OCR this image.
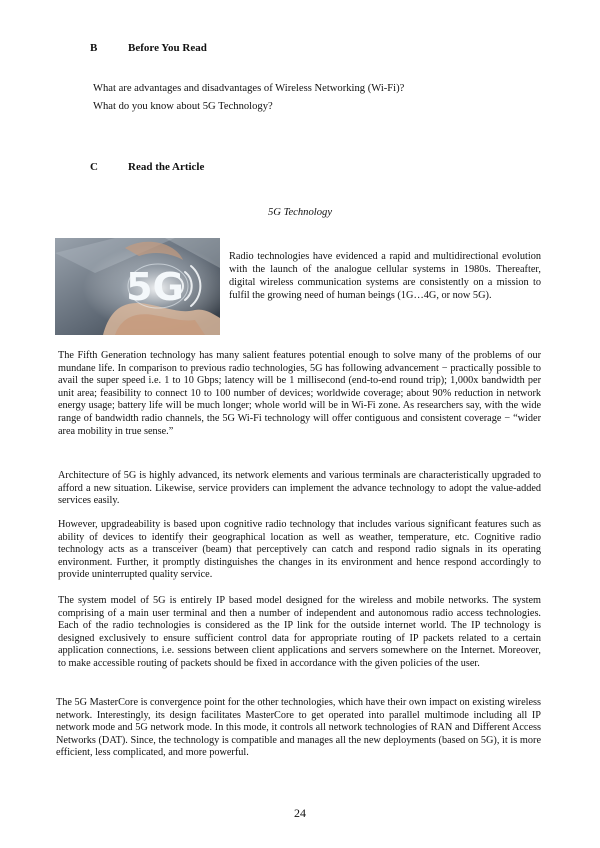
B	Before You Read
What are advantages and disadvantages of Wireless Networking (Wi-Fi)?
What do you know about 5G Technology?
C	Read the Article
5G Technology
5G

Radio technologies have evidenced a rapid and multidirectional evolution with the launch of the analogue cellular systems in 1980s. Thereafter, digital wireless communication systems are consistently on a mission to fulfil the growing need of human beings (1G…4G, or now 5G).

The Fifth Generation technology has many salient features potential enough to solve many of the problems of our mundane life. In comparison to previous radio technologies, 5G has following advancement − practically possible to avail the super speed i.e. 1 to 10 Gbps; latency will be 1 millisecond (end-to-end round trip); 1,000x bandwidth per unit area; feasibility to connect 10 to 100 number of devices; worldwide coverage; about 90% reduction in network energy usage; battery life will be much longer; whole world will be in Wi-Fi zone. As researchers say, with the wide range of bandwidth radio channels, the 5G Wi-Fi technology will offer contiguous and consistent coverage − “wider area mobility in true sense.”

Architecture of 5G is highly advanced, its network elements and various terminals are characteristically upgraded to afford a new situation. Likewise, service providers can implement the advance technology to adopt the value-added services easily.

However, upgradeability is based upon cognitive radio technology that includes various significant features such as ability of devices to identify their geographical location as well as weather, temperature, etc. Cognitive radio technology acts as a transceiver (beam) that perceptively can catch and respond radio signals in its operating environment. Further, it promptly distinguishes the changes in its environment and hence respond accordingly to provide uninterrupted quality service.

The system model of 5G is entirely IP based model designed for the wireless and mobile networks. The system comprising of a main user terminal and then a number of independent and autonomous radio access technologies. Each of the radio technologies is considered as the IP link for the outside internet world. The IP technology is designed exclusively to ensure sufficient control data for appropriate routing of IP packets related to a certain application connections, i.e. sessions between client applications and servers somewhere on the Internet. Moreover, to make accessible routing of packets should be fixed in accordance with the given policies of the user.

The 5G MasterCore is convergence point for the other technologies, which have their own impact on existing wireless network. Interestingly, its design facilitates MasterCore to get operated into parallel multimode including all IP network mode and 5G network mode. In this mode, it controls all network technologies of RAN and Different Access Networks (DAT). Since, the technology is compatible and manages all the new deployments (based on 5G), it is more efficient, less complicated, and more powerful.

24
